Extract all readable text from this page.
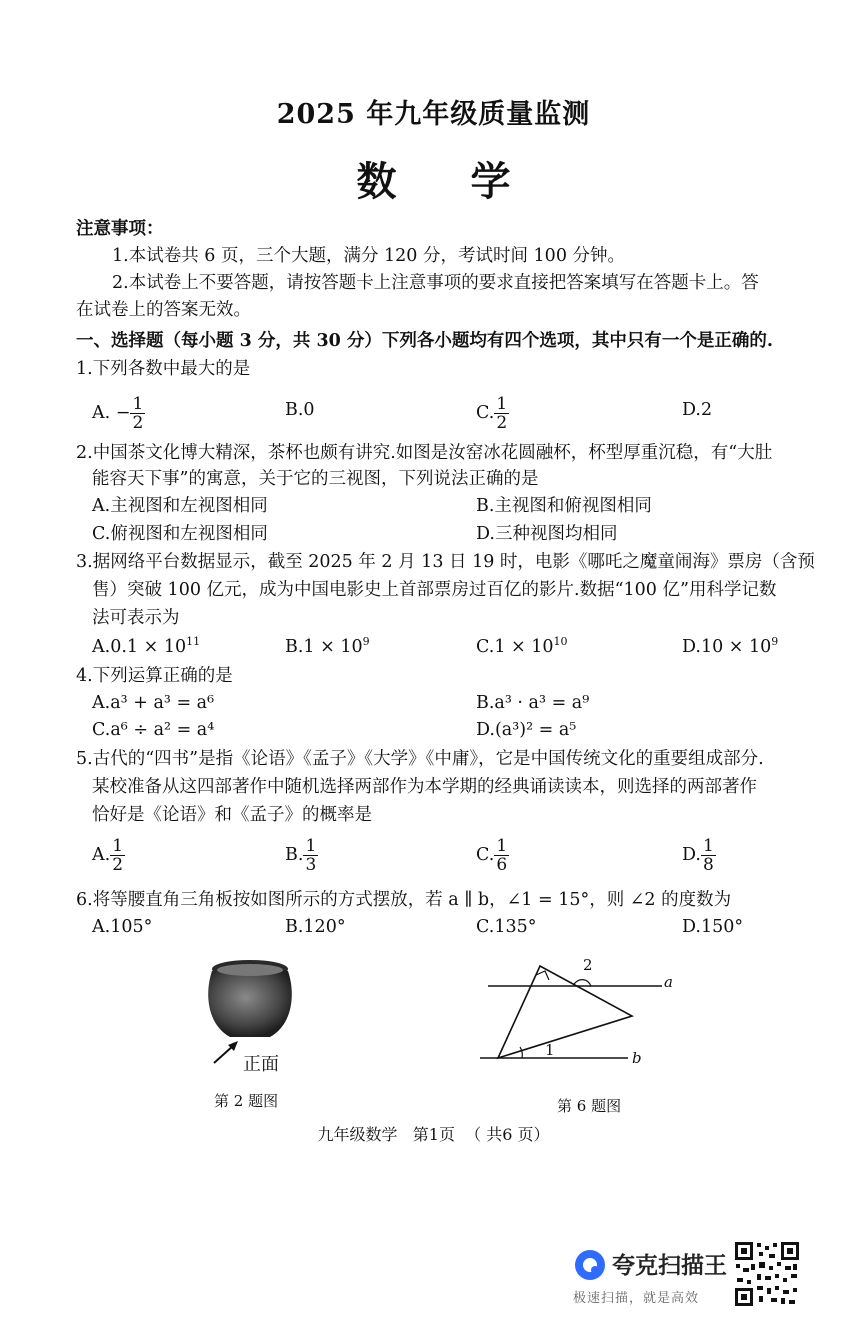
2025 年九年级质量监测
数 学
注意事项：
1.本试卷共 6 页，三个大题，满分 120 分，考试时间 100 分钟。
2.本试卷上不要答题，请按答题卡上注意事项的要求直接把答案填写在答题卡上。答
在试卷上的答案无效。
一、选择题（每小题 3 分，共 30 分）下列各小题均有四个选项，其中只有一个是正确的.
1.下列各数中最大的是
A. − $\frac{1}{2}$	B.0	C. $\frac{1}{2}$	D.2
2.中国茶文化博大精深，茶杯也颇有讲究.如图是汝窑冰花圆融杯，杯型厚重沉稳，有“大肚
能容天下事”的寓意，关于它的三视图，下列说法正确的是
A.主视图和左视图相同	B.主视图和俯视图相同
C.俯视图和左视图相同	D.三种视图均相同
3.据网络平台数据显示，截至 2025 年 2 月 13 日 19 时，电影《哪吒之魔童闹海》票房（含预
售）突破 100 亿元，成为中国电影史上首部票房过百亿的影片.数据“100 亿”用科学记数
法可表示为
$A.0.1 \times 10^{11}$	$B.1 \times 10^9$	$C.1 \times 10^{10}$	$D.10 \times 10^9$
4.下列运算正确的是
A.a³ + a³ = a⁶	B.a³ · a³ = a⁹
C.a⁶ ÷ a² = a⁴	D.(a³)² = a⁵
5.古代的“四书”是指《论语》《孟子》《大学》《中庸》，它是中国传统文化的重要组成部分.
某校准备从这四部著作中随机选择两部作为本学期的经典诵读读本，则选择的两部著作
恰好是《论语》和《孟子》的概率是
A. $\frac{1}{2}$	B. $\frac{1}{3}$	C. $\frac{1}{6}$	D. $\frac{1}{8}$
6.将等腰直角三角板按如图所示的方式摆放，若 a ∥ b，∠1 = 15°，则 ∠2 的度数为
A.105°	B.120°	C.135°	D.150°
正面
第 2 题图
2
1
a
b
第 6 题图
九年级数学   第1页  （ 共6 页）
夸克扫描王
极速扫描，就是高效
